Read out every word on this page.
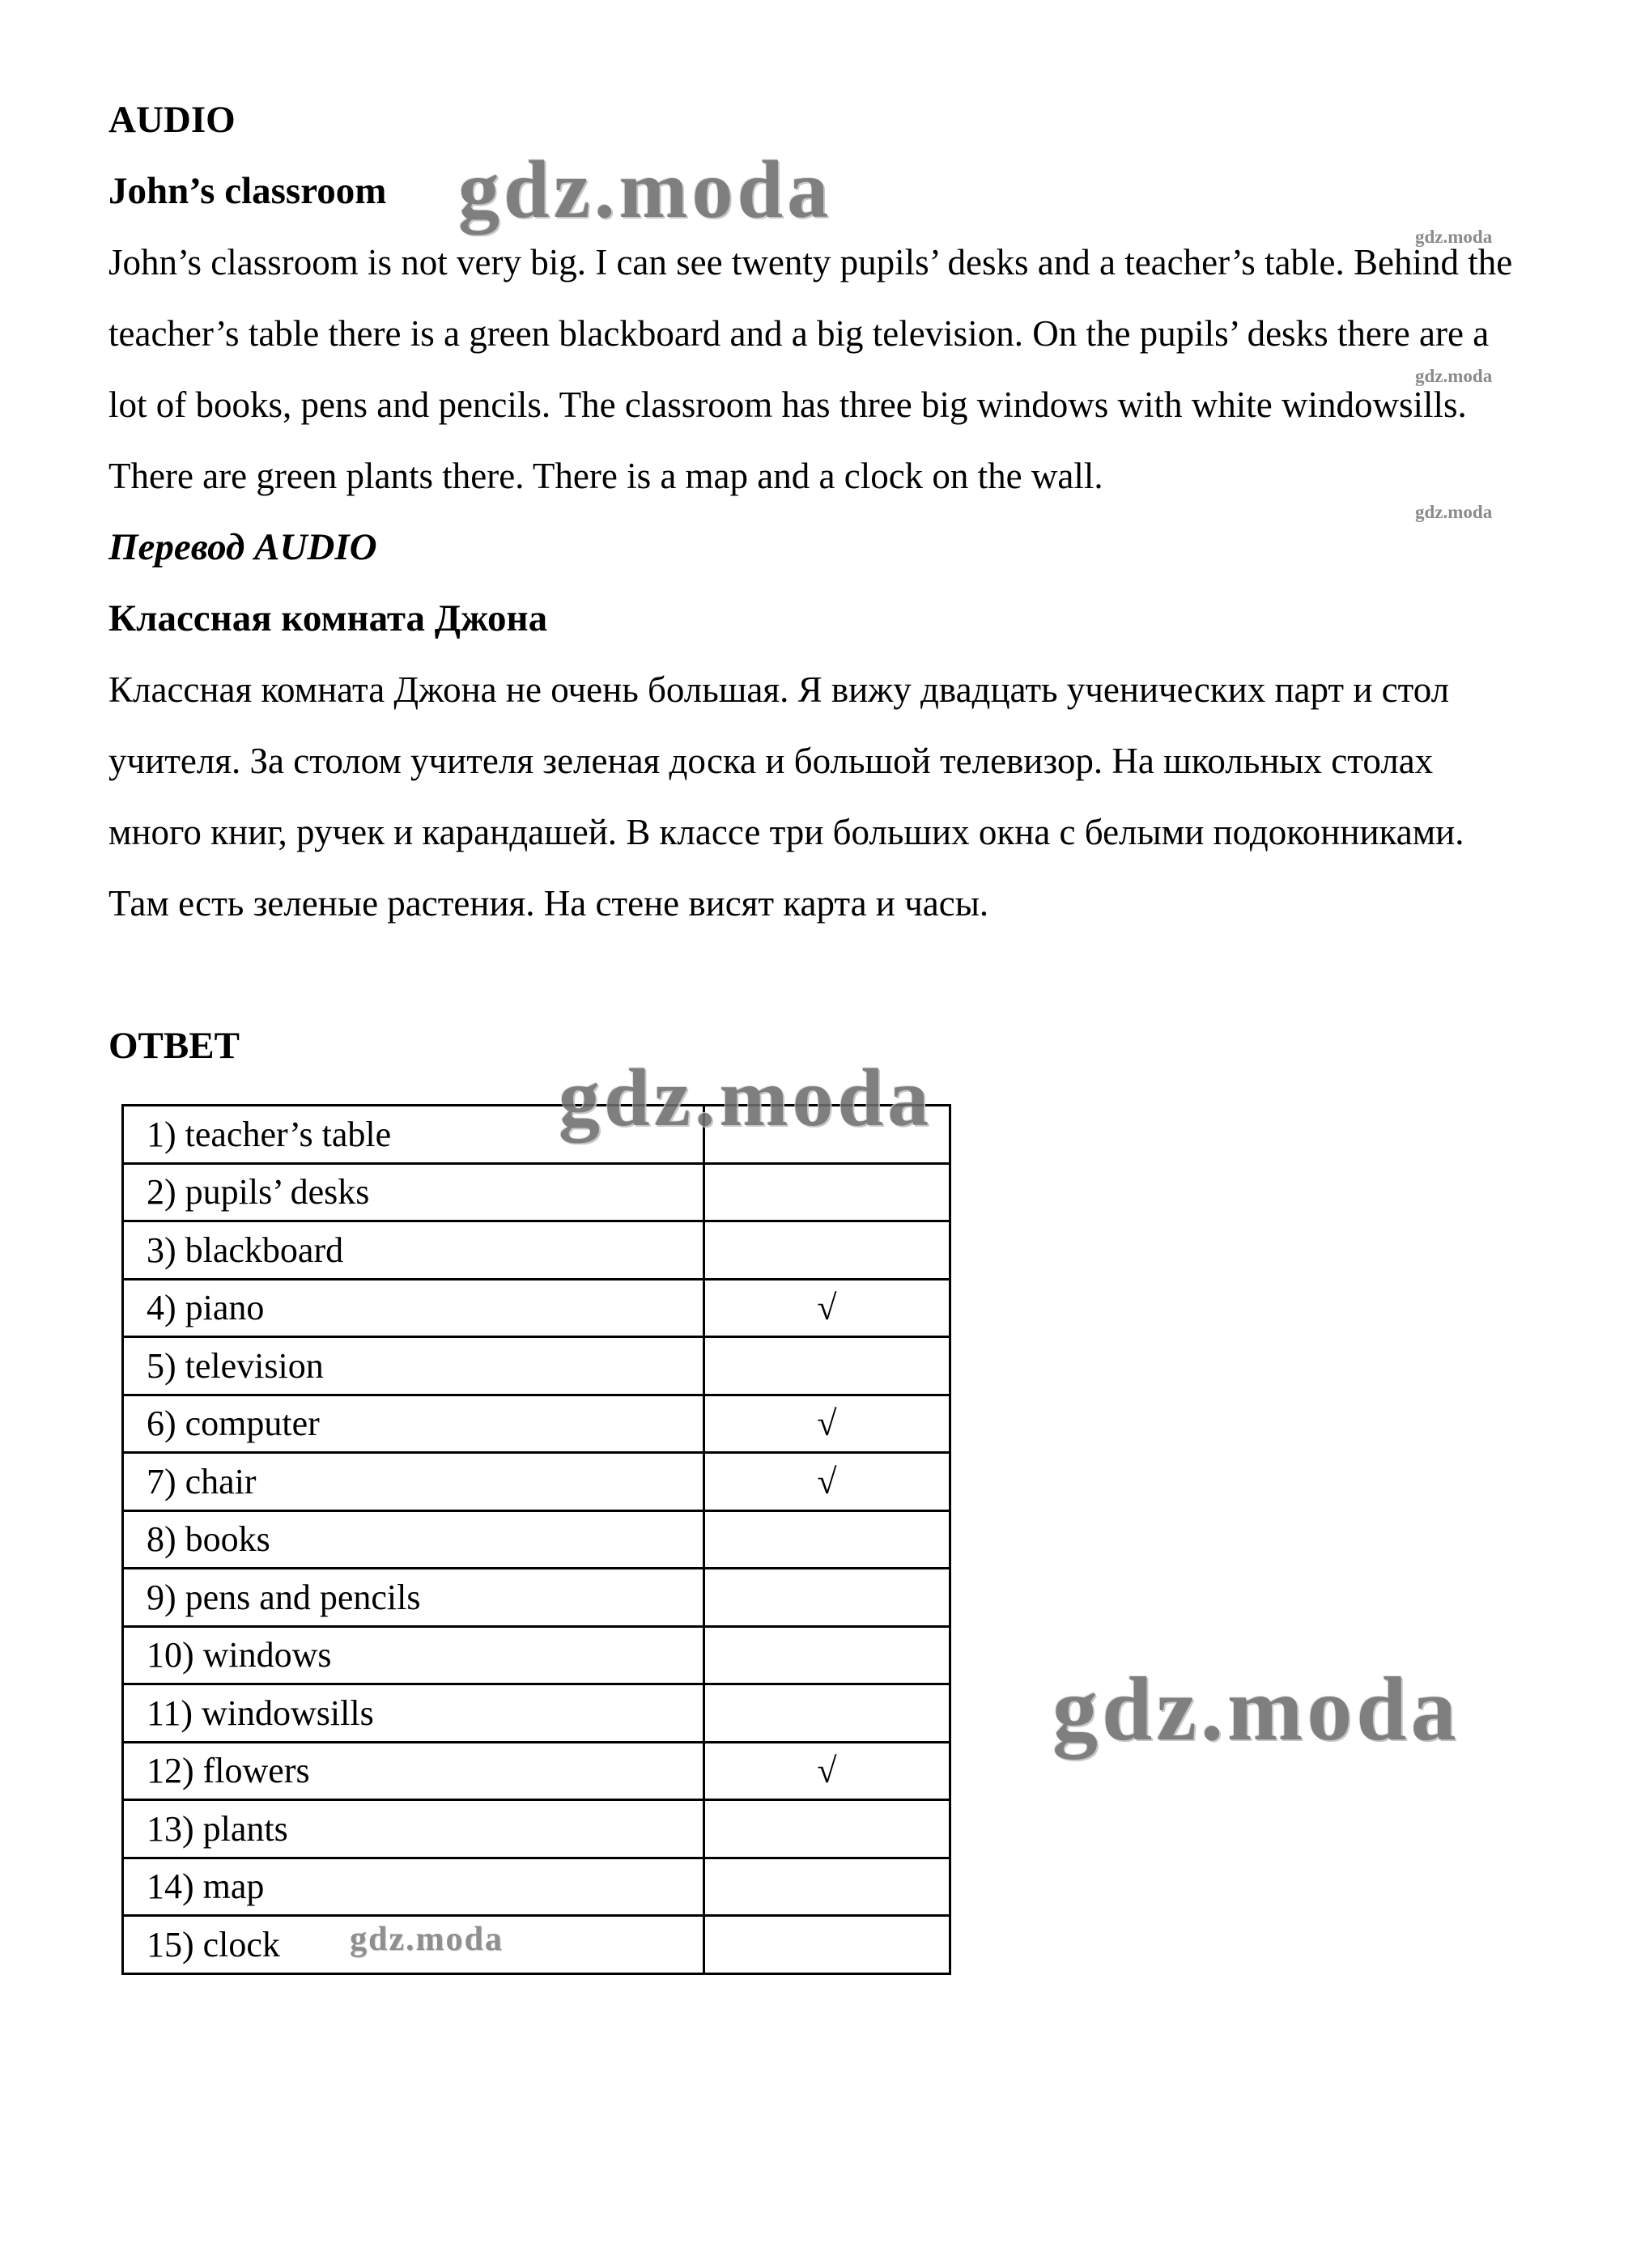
AUDIO
John’s classroom

John’s classroom is not very big. I can see twenty pupils’ desks and a teacher’s table. Behind the teacher’s table there is a green blackboard and a big television. On the pupils’ desks there are a lot of books, pens and pencils. The classroom has three big windows with white windowsills. There are green plants there. There is a map and a clock on the wall.

Перевод AUDIO
Классная комната Джона

Классная комната Джона не очень большая. Я вижу двадцать ученических парт и стол учителя. За столом учителя зеленая доска и большой телевизор. На школьных столах много книг, ручек и карандашей. В классе три больших окна с белыми подоконниками. Там есть зеленые растения. На стене висят карта и часы.

ОТВЕТ
1) teacher’s table	
2) pupils’ desks	
3) blackboard	
4) piano	√
5) television	
6) computer	√
7) chair	√
8) books	
9) pens and pencils	
10) windows	
11) windowsills	
12) flowers	√
13) plants	
14) map	
15) clock	
gdz.moda
gdz.moda
gdz.moda
gdz.moda
gdz.moda
gdz.moda
gdz.moda
